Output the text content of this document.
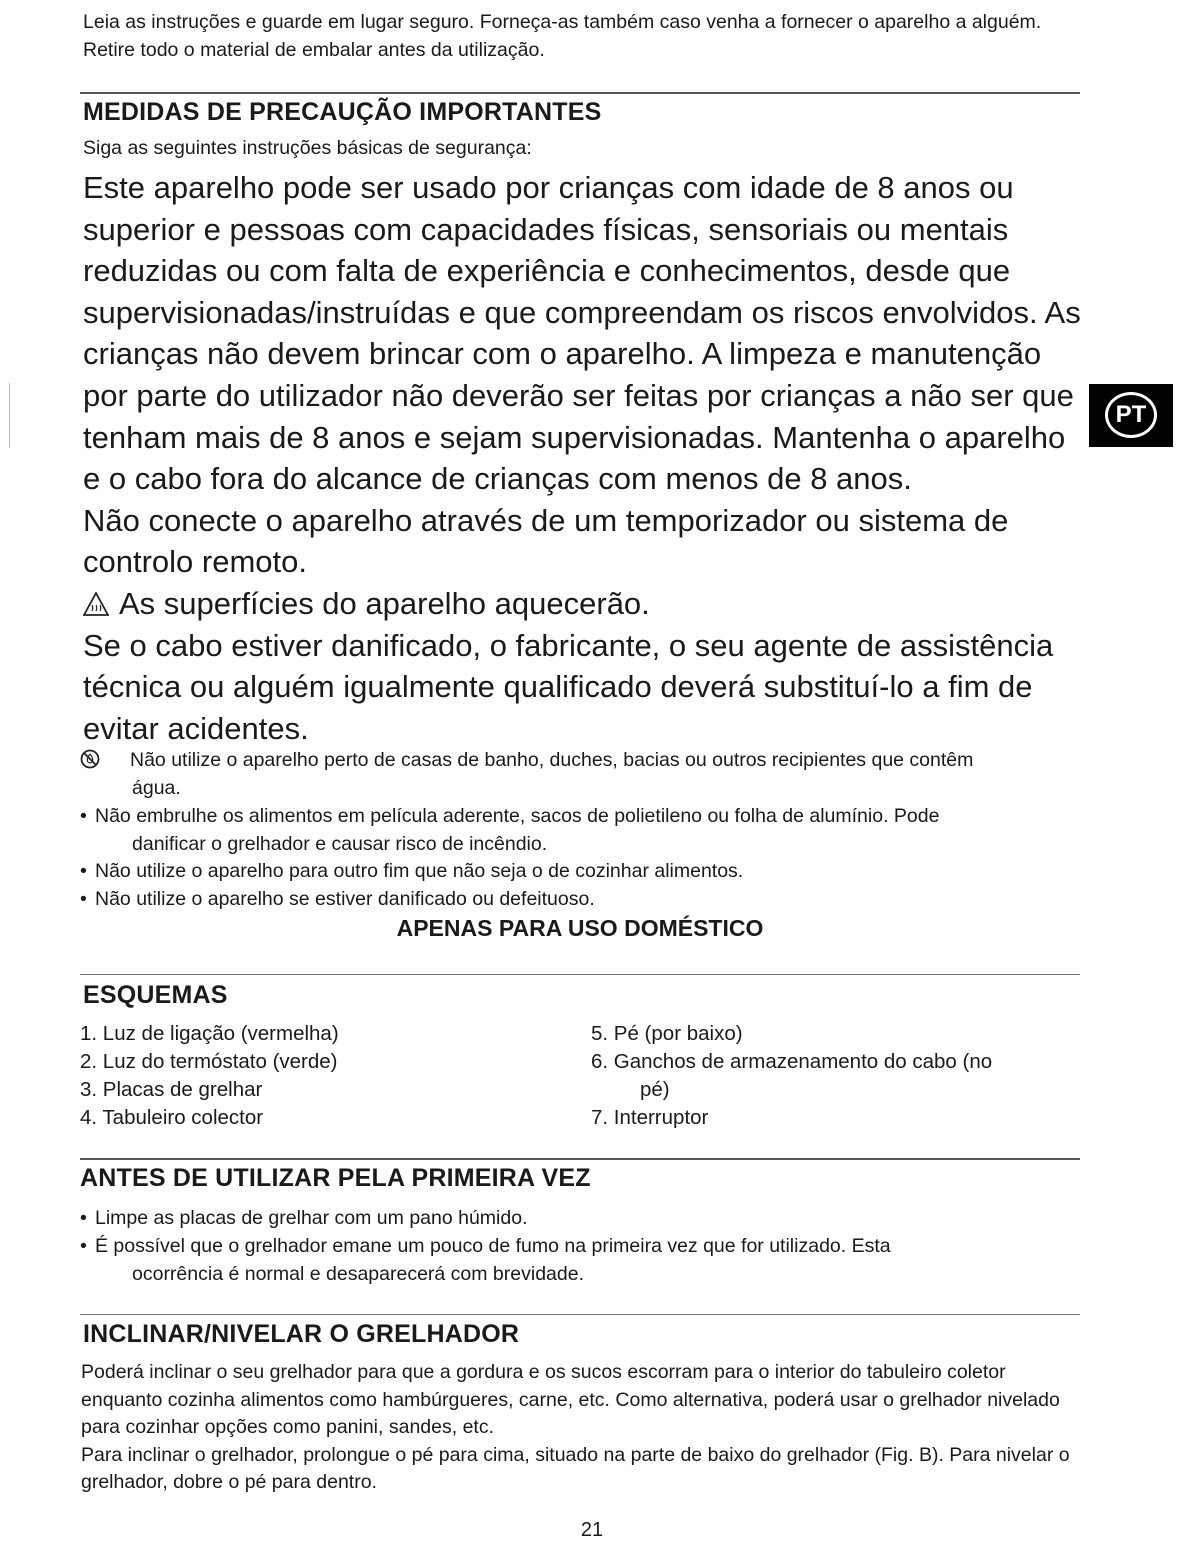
Leia as instruções e guarde em lugar seguro. Forneça-as também caso venha a fornecer o aparelho a alguém. Retire todo o material de embalar antes da utilização.
MEDIDAS DE PRECAUÇÃO IMPORTANTES
Siga as seguintes instruções básicas de segurança:

Este aparelho pode ser usado por crianças com idade de 8 anos ou superior e pessoas com capacidades físicas, sensoriais ou mentais reduzidas ou com falta de experiência e conhecimentos, desde que supervisionadas/instruídas e que compreendam os riscos envolvidos. As crianças não devem brincar com o aparelho. A limpeza e manutenção por parte do utilizador não deverão ser feitas por crianças a não ser que tenham mais de 8 anos e sejam supervisionadas. Mantenha o aparelho e o cabo fora do alcance de crianças com menos de 8 anos.

Não conecte o aparelho através de um temporizador ou sistema de controlo remoto.

As superfícies do aparelho aquecerão.

Se o cabo estiver danificado, o fabricante, o seu agente de assistência técnica ou alguém igualmente qualificado deverá substituí-lo a fim de evitar acidentes.

Não utilize o aparelho perto de casas de banho, duches, bacias ou outros recipientes que contêm
água.
• Não embrulhe os alimentos em película aderente, sacos de polietileno ou folha de alumínio. Pode
danificar o grelhador e causar risco de incêndio.
• Não utilize o aparelho para outro fim que não seja o de cozinhar alimentos.
• Não utilize o aparelho se estiver danificado ou defeituoso.
APENAS PARA USO DOMÉSTICO
ESQUEMAS
1. Luz de ligação (vermelha)
2. Luz do termóstato (verde)
3. Placas de grelhar
4. Tabuleiro colector
5. Pé (por baixo)
6. Ganchos de armazenamento do cabo (no
pé)
7. Interruptor
ANTES DE UTILIZAR PELA PRIMEIRA VEZ
• Limpe as placas de grelhar com um pano húmido.
• É possível que o grelhador emane um pouco de fumo na primeira vez que for utilizado. Esta
ocorrência é normal e desaparecerá com brevidade.
INCLINAR/NIVELAR O GRELHADOR

Poderá inclinar o seu grelhador para que a gordura e os sucos escorram para o interior do tabuleiro coletor enquanto cozinha alimentos como hambúrgueres, carne, etc. Como alternativa, poderá usar o grelhador nivelado para cozinhar opções como panini, sandes, etc.

Para inclinar o grelhador, prolongue o pé para cima, situado na parte de baixo do grelhador (Fig. B). Para nivelar o grelhador, dobre o pé para dentro.

PT
21
